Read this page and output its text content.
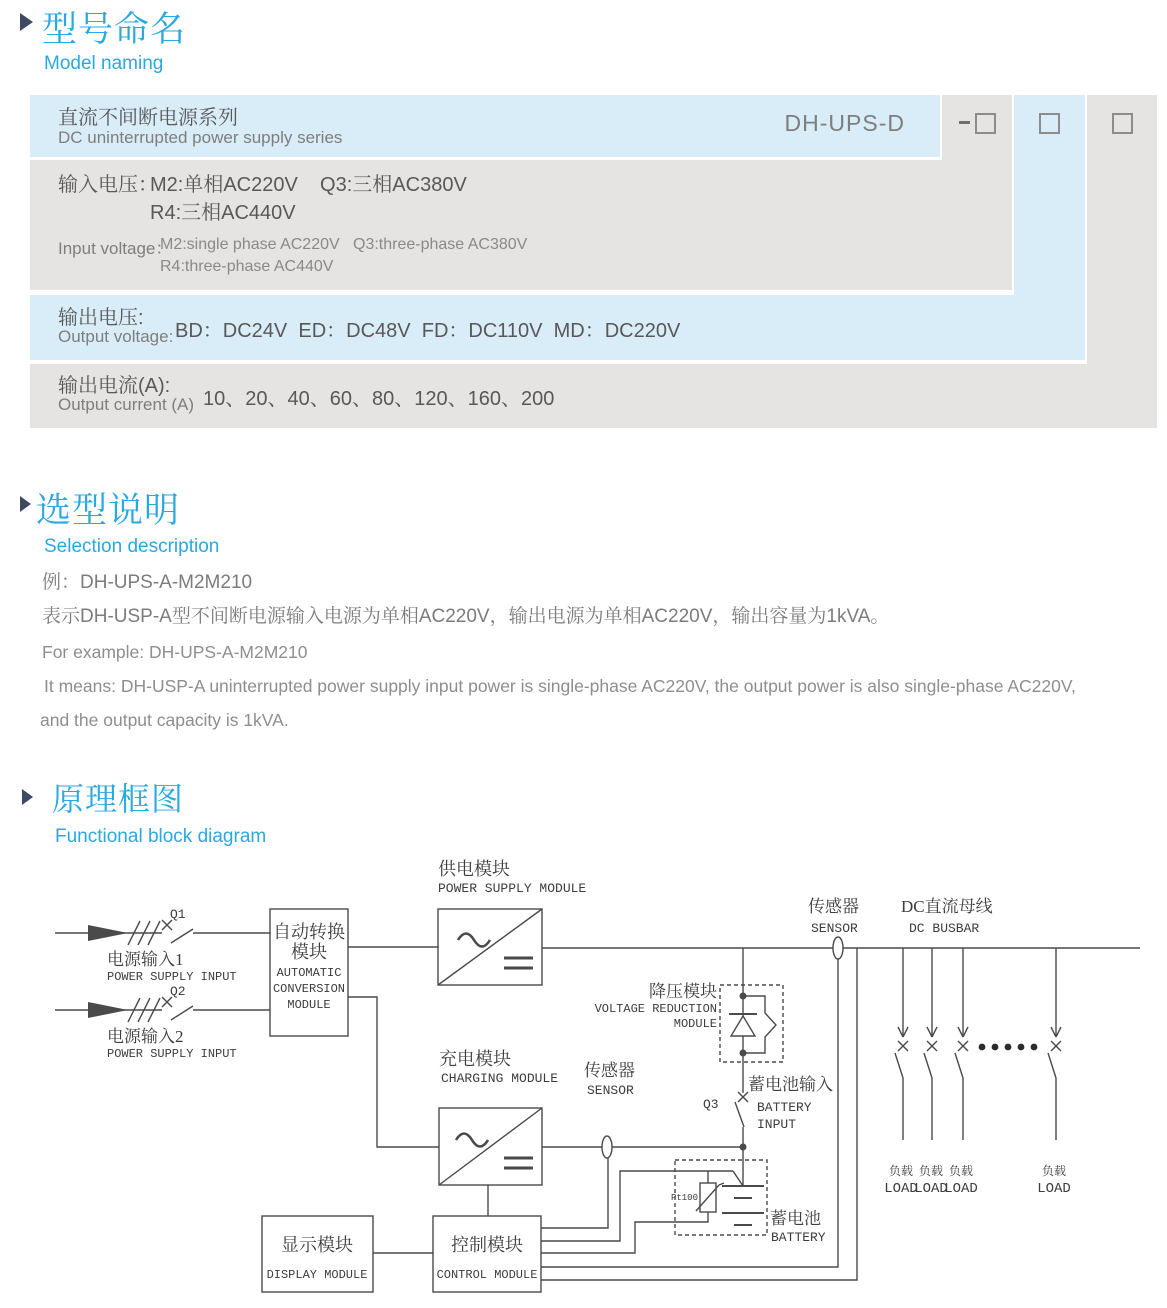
型号命名
Model naming
直流不间断电源系列
DC uninterrupted power supply series
DH-UPS-D
输入电压：
M2:单相AC220V    Q3:三相AC380V
R4:三相AC440V
Input voltage：
M2:single phase AC220V   Q3:three-phase AC380V
R4:three-phase AC440V
输出电压:
Output voltage: BD：DC24V  ED：DC48V  FD：DC110V  MD：DC220V
输出电流(A):
Output current (A) 10、20、40、60、80、120、160、200
选型说明
Selection description
例：DH-UPS-A-M2M210
表示DH-USP-A型不间断电源输入电源为单相AC220V，输出电源为单相AC220V，输出容量为1kVA。
For example: DH-UPS-A-M2M210
It means: DH-USP-A uninterrupted power supply input power is single-phase AC220V, the output power is also single-phase AC220V,
and the output capacity is 1kVA.
原理框图
Functional block diagram
Q1
电源输入1
POWER SUPPLY INPUT
Q2
电源输入2
POWER SUPPLY INPUT
自动转换
模块
AUTOMATIC
CONVERSION
MODULE
供电模块
POWER SUPPLY MODULE
充电模块
CHARGING MODULE
降压模块
VOLTAGE REDUCTION
MODULE
传感器
SENSOR
传感器
SENSOR
DC直流母线
DC BUSBAR
Q3
蓄电池输入
BATTERY
INPUT
Pt100
蓄电池
BATTERY
负载 负载 负载	负载
LOAD
LOAD
LOAD	LOAD
显示模块
DISPLAY MODULE
控制模块
CONTROL MODULE
